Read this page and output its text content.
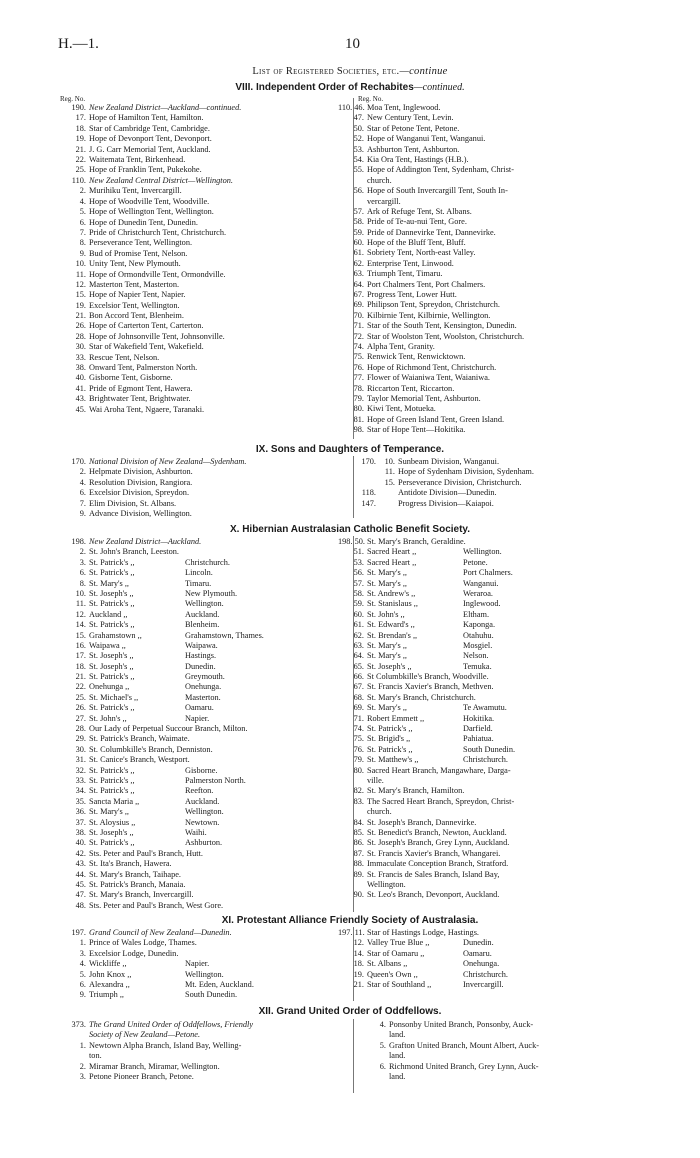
H.—1.	10
List of Registered Societies, etc.—continue
VIII. Independent Order of Rechabites—continued.
Reg. No.	Reg. No.
190. New Zealand District—Auckland—continued.
17. Hope of Hamilton Tent, Hamilton.
18. Star of Cambridge Tent, Cambridge.
19. Hope of Devonport Tent, Devonport.
21. J. G. Carr Memorial Tent, Auckland.
22. Waitemata Tent, Birkenhead.
25. Hope of Franklin Tent, Pukekohe.
110. New Zealand Central District—Wellington.
2. Murihiku Tent, Invercargill.
4. Hope of Woodville Tent, Woodville.
5. Hope of Wellington Tent, Wellington.
6. Hope of Dunedin Tent, Dunedin.
7. Pride of Christchurch Tent, Christchurch.
8. Perseverance Tent, Wellington.
9. Bud of Promise Tent, Nelson.
10. Unity Tent, New Plymouth.
11. Hope of Ormondville Tent, Ormondville.
12. Masterton Tent, Masterton.
15. Hope of Napier Tent, Napier.
19. Excelsior Tent, Wellington.
21. Bon Accord Tent, Blenheim.
26. Hope of Carterton Tent, Carterton.
28. Hope of Johnsonville Tent, Johnsonville.
30. Star of Wakefield Tent, Wakefield.
33. Rescue Tent, Nelson.
38. Onward Tent, Palmerston North.
40. Gisborne Tent, Gisborne.
41. Pride of Egmont Tent, Hawera.
43. Brightwater Tent, Brightwater.
45. Wai Aroha Tent, Ngaere, Taranaki.
110. 46. Moa Tent, Inglewood.
47. New Century Tent, Levin.
50. Star of Petone Tent, Petone.
52. Hope of Wanganui Tent, Wanganui.
53. Ashburton Tent, Ashburton.
54. Kia Ora Tent, Hastings (H.B.).
55. Hope of Addington Tent, Sydenham, Christ-
church.
56. Hope of South Invercargill Tent, South In-
vercargill.
57. Ark of Refuge Tent, St. Albans.
58. Pride of Te-au-nui Tent, Gore.
59. Pride of Dannevirke Tent, Dannevirke.
60. Hope of the Bluff Tent, Bluff.
61. Sobriety Tent, North-east Valley.
62. Enterprise Tent, Linwood.
63. Triumph Tent, Timaru.
64. Port Chalmers Tent, Port Chalmers.
67. Progress Tent, Lower Hutt.
69. Philipson Tent, Spreydon, Christchurch.
70. Kilbirnie Tent, Kilbirnie, Wellington.
71. Star of the South Tent, Kensington, Dunedin.
72. Star of Woolston Tent, Woolston, Christchurch.
74. Alpha Tent, Granity.
75. Renwick Tent, Renwicktown.
76. Hope of Richmond Tent, Christchurch.
77. Flower of Waianiwa Tent, Waianiwa.
78. Riccarton Tent, Riccarton.
79. Taylor Memorial Tent, Ashburton.
80. Kiwi Tent, Motueka.
81. Hope of Green Island Tent, Green Island.
98. Star of Hope Tent—Hokitika.
IX. Sons and Daughters of Temperance.
170. National Division of New Zealand—Sydenham.
2. Helpmate Division, Ashburton.
4. Resolution Division, Rangiora.
6. Excelsior Division, Spreydon.
7. Elim Division, St. Albans.
9. Advance Division, Wellington.
170. 10. Sunbeam Division, Wanganui.
11. Hope of Sydenham Division, Sydenham.
15. Perseverance Division, Christchurch.
118.	Antidote Division—Dunedin.
147.	Progress Division—Kaiapoi.
X. Hibernian Australasian Catholic Benefit Society.
198. New Zealand District—Auckland.
2. St. John's Branch, Leeston.
3. St. Patrick's ,,	Christchurch.
6. St. Patrick's ,,	Lincoln.
8. St. Mary's ,,	Timaru.
10. St. Joseph's ,,	New Plymouth.
11. St. Patrick's ,,	Wellington.
12. Auckland ,,	Auckland.
14. St. Patrick's ,,	Blenheim.
15. Grahamstown ,,	Grahamstown, Thames.
16. Waipawa ,,	Waipawa.
17. St. Joseph's ,,	Hastings.
18. St. Joseph's ,,	Dunedin.
21. St. Patrick's ,,	Greymouth.
22. Onehunga ,,	Onehunga.
25. St. Michael's ,,	Masterton.
26. St. Patrick's ,,	Oamaru.
27. St. John's ,,	Napier.
28. Our Lady of Perpetual Succour Branch, Milton.
29. St. Patrick's Branch, Waimate.
30. St. Columbkille's Branch, Denniston.
31. St. Canice's Branch, Westport.
32. St. Patrick's ,,	Gisborne.
33. St. Patrick's ,,	Palmerston North.
34. St. Patrick's ,,	Reefton.
35. Sancta Maria ,,	Auckland.
36. St. Mary's ,,	Wellington.
37. St. Aloysius ,,	Newtown.
38. St. Joseph's ,,	Waihi.
40. St. Patrick's ,,	Ashburton.
42. Sts. Peter and Paul's Branch, Hutt.
43. St. Ita's Branch, Hawera.
44. St. Mary's Branch, Taihape.
45. St. Patrick's Branch, Manaia.
47. St. Mary's Branch, Invercargill.
48. Sts. Peter and Paul's Branch, West Gore.
198. 50. St. Mary's Branch, Geraldine.
51. Sacred Heart ,,	Wellington.
53. Sacred Heart ,,	Petone.
56. St. Mary's ,,	Port Chalmers.
57. St. Mary's ,,	Wanganui.
58. St. Andrew's ,,	Weraroa.
59. St. Stanislaus ,,	Inglewood.
60. St. John's ,,	Eltham.
61. St. Edward's ,,	Kaponga.
62. St. Brendan's ,,	Otahuhu.
63. St. Mary's ,,	Mosgiel.
64. St. Mary's ,,	Nelson.
65. St. Joseph's ,,	Temuka.
66. St Columbkille's Branch, Woodville.
67. St. Francis Xavier's Branch, Methven.
68. St. Mary's Branch, Christchurch.
69. St. Mary's ,,	Te Awamutu.
71. Robert Emmett ,,	Hokitika.
74. St. Patrick's ,,	Darfield.
75. St. Brigid's ,,	Pahiatua.
76. St. Patrick's ,,	South Dunedin.
79. St. Matthew's ,,	Christchurch.
80. Sacred Heart Branch, Mangawhare, Darga-
ville.
82. St. Mary's Branch, Hamilton.
83. The Sacred Heart Branch, Spreydon, Christ-
church.
84. St. Joseph's Branch, Dannevirke.
85. St. Benedict's Branch, Newton, Auckland.
86. St. Joseph's Branch, Grey Lynn, Auckland.
87. St. Francis Xavier's Branch, Whangarei.
88. Immaculate Conception Branch, Stratford.
89. St. Francis de Sales Branch, Island Bay,
Wellington.
90. St. Leo's Branch, Devonport, Auckland.
XI. Protestant Alliance Friendly Society of Australasia.
197. Grand Council of New Zealand—Dunedin.
1. Prince of Wales Lodge, Thames.
3. Excelsior Lodge, Dunedin.
4. Wickliffe ,,	Napier.
5. John Knox ,,	Wellington.
6. Alexandra ,,	Mt. Eden, Auckland.
9. Triumph ,,	South Dunedin.
197. 11. Star of Hastings Lodge, Hastings.
12. Valley True Blue ,,	Dunedin.
14. Star of Oamaru ,,	Oamaru.
18. St. Albans ,,	Onehunga.
19. Queen's Own ,,	Christchurch.
21. Star of Southland ,,	Invercargill.
XII. Grand United Order of Oddfellows.
373. The Grand United Order of Oddfellows, Friendly
Society of New Zealand—Petone.
1. Newtown Alpha Branch, Island Bay, Welling-
ton.
2. Miramar Branch, Miramar, Wellington.
3. Petone Pioneer Branch, Petone.
4. Ponsonby United Branch, Ponsonby, Auck-
land.
5. Grafton United Branch, Mount Albert, Auck-
land.
6. Richmond United Branch, Grey Lynn, Auck-
land.
